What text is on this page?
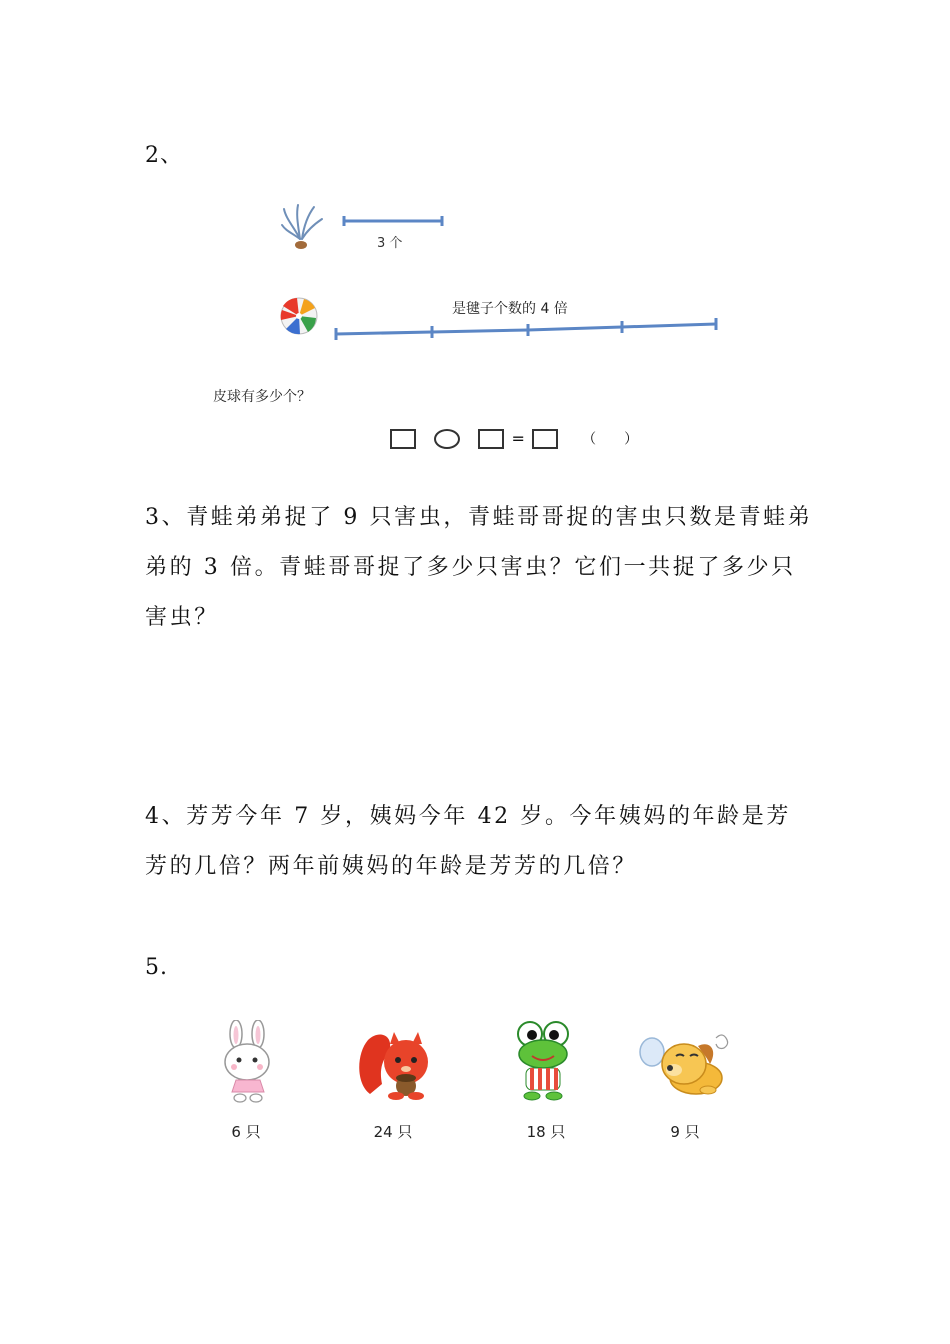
2、
3 个
是毽子个数的 4 倍
皮球有多少个？
=	（　　）
3、青蛙弟弟捉了 9 只害虫，青蛙哥哥捉的害虫只数是青蛙弟弟的 3 倍。青蛙哥哥捉了多少只害虫？它们一共捉了多少只害虫？
4、芳芳今年 7 岁，姨妈今年 42 岁。今年姨妈的年龄是芳芳的几倍？两年前姨妈的年龄是芳芳的几倍？
5.
6 只	24 只	18 只	9 只
